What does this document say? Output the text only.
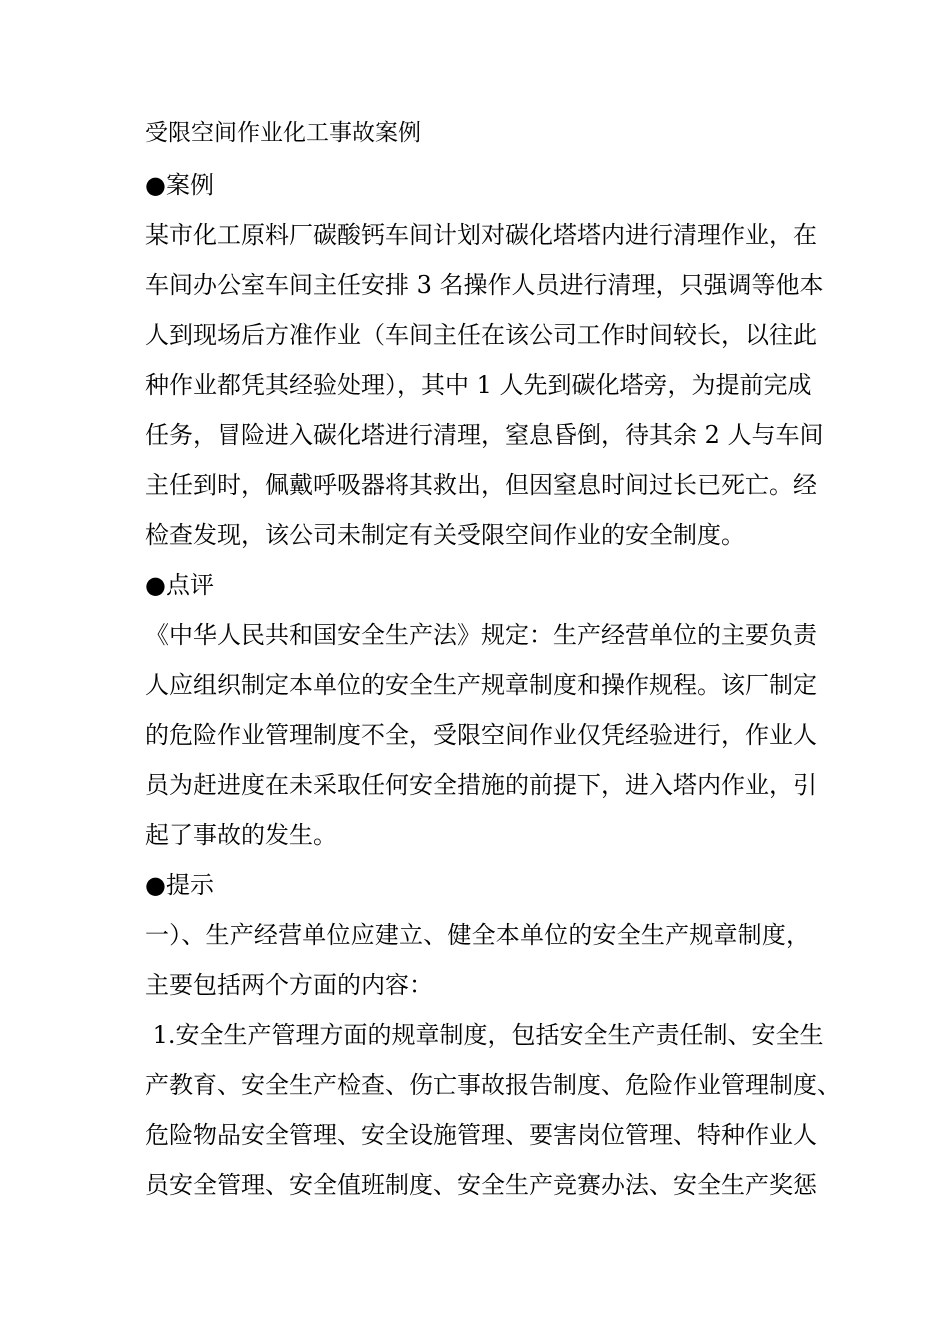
受限空间作业化工事故案例
●案例
某市化工原料厂碳酸钙车间计划对碳化塔塔内进行清理作业，在
车间办公室车间主任安排 3 名操作人员进行清理，只强调等他本
人到现场后方准作业（车间主任在该公司工作时间较长，以往此
种作业都凭其经验处理），其中 1 人先到碳化塔旁，为提前完成
任务，冒险进入碳化塔进行清理，窒息昏倒，待其余 2 人与车间
主任到时，佩戴呼吸器将其救出，但因窒息时间过长已死亡。经
检查发现，该公司未制定有关受限空间作业的安全制度。
●点评
《中华人民共和国安全生产法》规定：生产经营单位的主要负责
人应组织制定本单位的安全生产规章制度和操作规程。该厂制定
的危险作业管理制度不全，受限空间作业仅凭经验进行，作业人
员为赶进度在未采取任何安全措施的前提下，进入塔内作业，引
起了事故的发生。
●提示
一）、生产经营单位应建立、健全本单位的安全生产规章制度，
主要包括两个方面的内容：
1.安全生产管理方面的规章制度，包括安全生产责任制、安全生
产教育、安全生产检查、伤亡事故报告制度、危险作业管理制度、
危险物品安全管理、安全设施管理、要害岗位管理、特种作业人
员安全管理、安全值班制度、安全生产竞赛办法、安全生产奖惩
